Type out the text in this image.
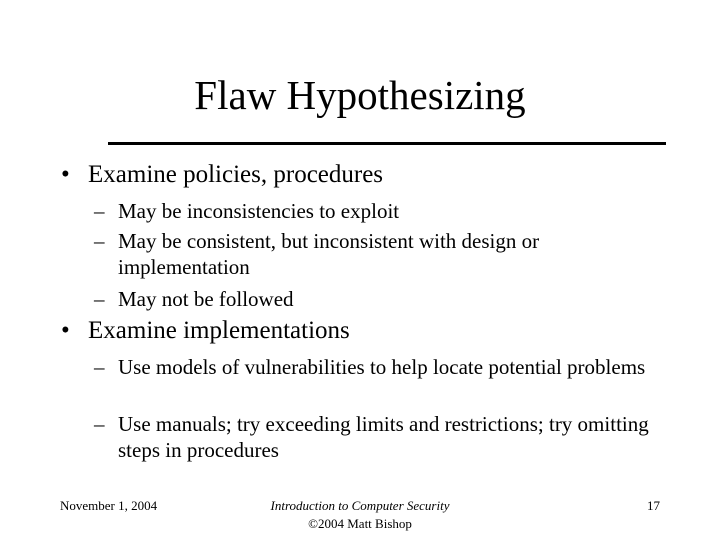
Flaw Hypothesizing
• Examine policies, procedures
– May be inconsistencies to exploit
– May be consistent, but inconsistent with design or implementation
– May not be followed
• Examine implementations
– Use models of vulnerabilities to help locate potential problems
– Use manuals; try exceeding limits and restrictions; try omitting steps in procedures
November 1, 2004	Introduction to Computer Security
©2004 Matt Bishop
17
